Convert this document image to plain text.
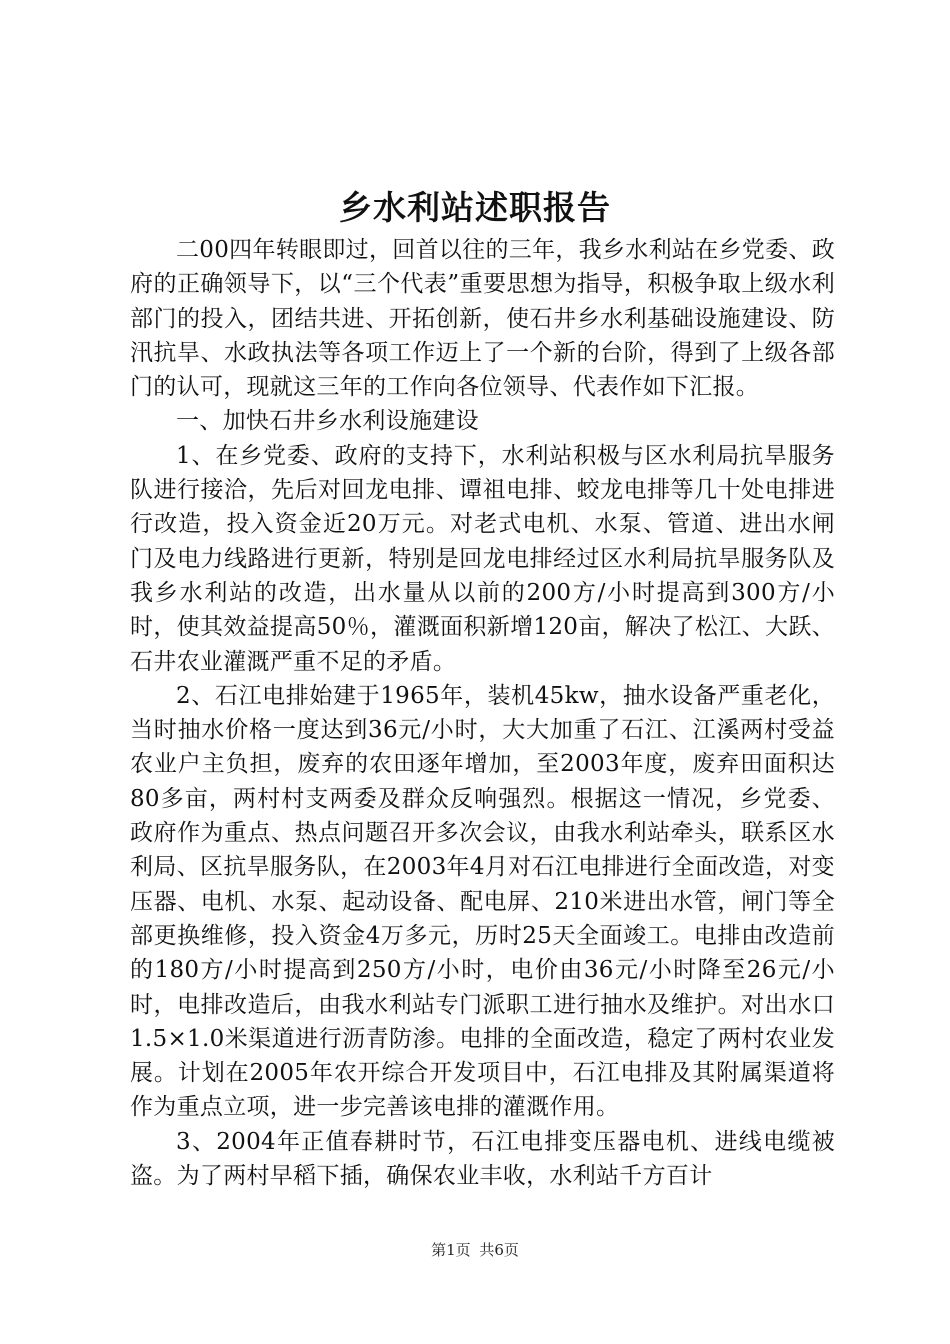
乡水利站述职报告

二00四年转眼即过，回首以往的三年，我乡水利站在乡党委、政府的正确领导下，以“三个代表”重要思想为指导，积极争取上级水利部门的投入，团结共进、开拓创新，使石井乡水利基础设施建设、防汛抗旱、水政执法等各项工作迈上了一个新的台阶，得到了上级各部门的认可，现就这三年的工作向各位领导、代表作如下汇报。

一、加快石井乡水利设施建设

1、在乡党委、政府的支持下，水利站积极与区水利局抗旱服务队进行接洽，先后对回龙电排、谭祖电排、蛟龙电排等几十处电排进行改造，投入资金近20万元。对老式电机、水泵、管道、进出水闸门及电力线路进行更新，特别是回龙电排经过区水利局抗旱服务队及我乡水利站的改造，出水量从以前的200方/小时提高到300方/小时，使其效益提高50％，灌溉面积新增120亩，解决了松江、大跃、石井农业灌溉严重不足的矛盾。

2、石江电排始建于1965年，装机45kw，抽水设备严重老化，当时抽水价格一度达到36元/小时，大大加重了石江、江溪两村受益农业户主负担，废弃的农田逐年增加，至2003年度，废弃田面积达80多亩，两村村支两委及群众反响强烈。根据这一情况，乡党委、政府作为重点、热点问题召开多次会议，由我水利站牵头，联系区水利局、区抗旱服务队，在2003年4月对石江电排进行全面改造，对变压器、电机、水泵、起动设备、配电屏、210米进出水管，闸门等全部更换维修，投入资金4万多元，历时25天全面竣工。电排由改造前的180方/小时提高到250方/小时，电价由36元/小时降至26元/小时，电排改造后，由我水利站专门派职工进行抽水及维护。对出水口1.5×1.0米渠道进行沥青防渗。电排的全面改造，稳定了两村农业发展。计划在2005年农开综合开发项目中，石江电排及其附属渠道将作为重点立项，进一步完善该电排的灌溉作用。

3、2004年正值春耕时节，石江电排变压器电机、进线电缆被盗。为了两村早稻下插，确保农业丰收，水利站千方百计

第1页 共6页
